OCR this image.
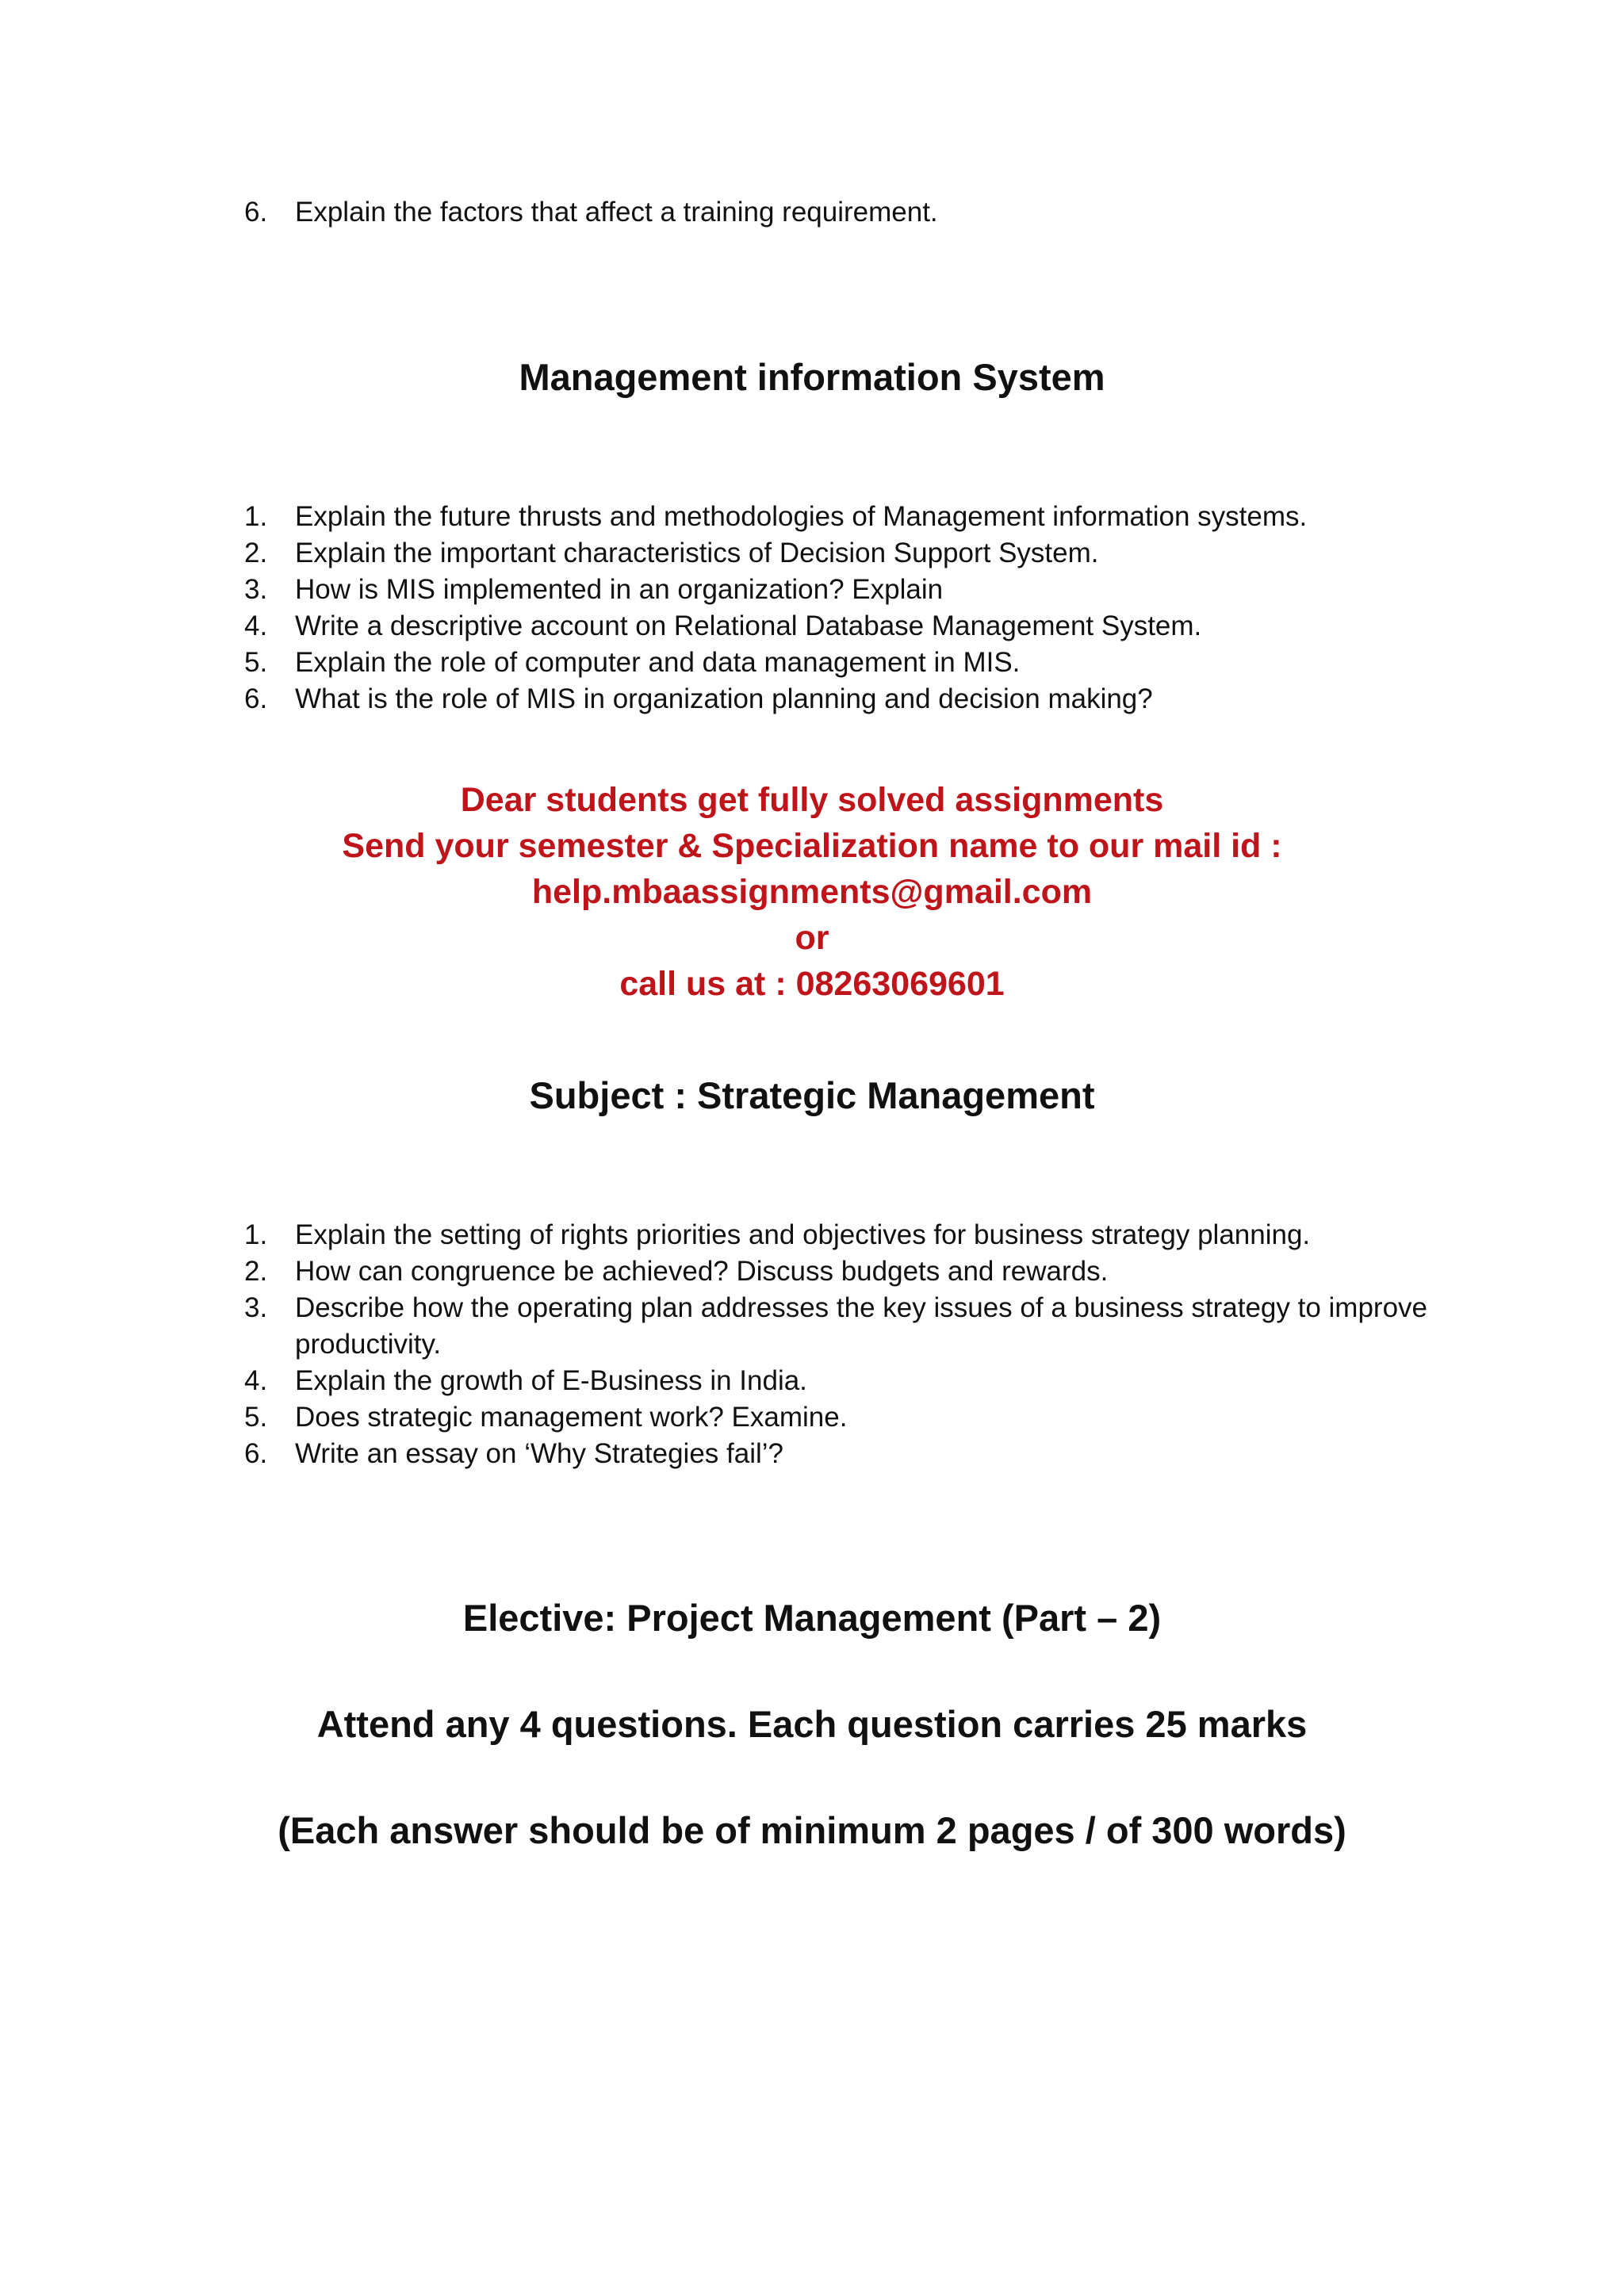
6. Explain the factors that affect a training requirement.
Management information System
1. Explain the future thrusts and methodologies of Management information systems.
2. Explain the important characteristics of Decision Support System.
3. How is MIS implemented in an organization? Explain
4. Write a descriptive account on Relational Database Management System.
5. Explain the role of computer and data management in MIS.
6. What is the role of MIS in organization planning and decision making?
Dear students get fully solved assignments
Send your semester & Specialization name to our mail id :
help.mbaassignments@gmail.com
or
call us at : 08263069601
Subject : Strategic Management
1. Explain the setting of rights priorities and objectives for business strategy planning.
2. How can congruence be achieved? Discuss budgets and rewards.
3. Describe how the operating plan addresses the key issues of a business strategy to improve productivity.
4. Explain the growth of E-Business in India.
5. Does strategic management work? Examine.
6. Write an essay on ‘Why Strategies fail’?
Elective: Project Management (Part – 2)
Attend any 4 questions. Each question carries 25 marks
(Each answer should be of minimum 2 pages / of 300 words)
